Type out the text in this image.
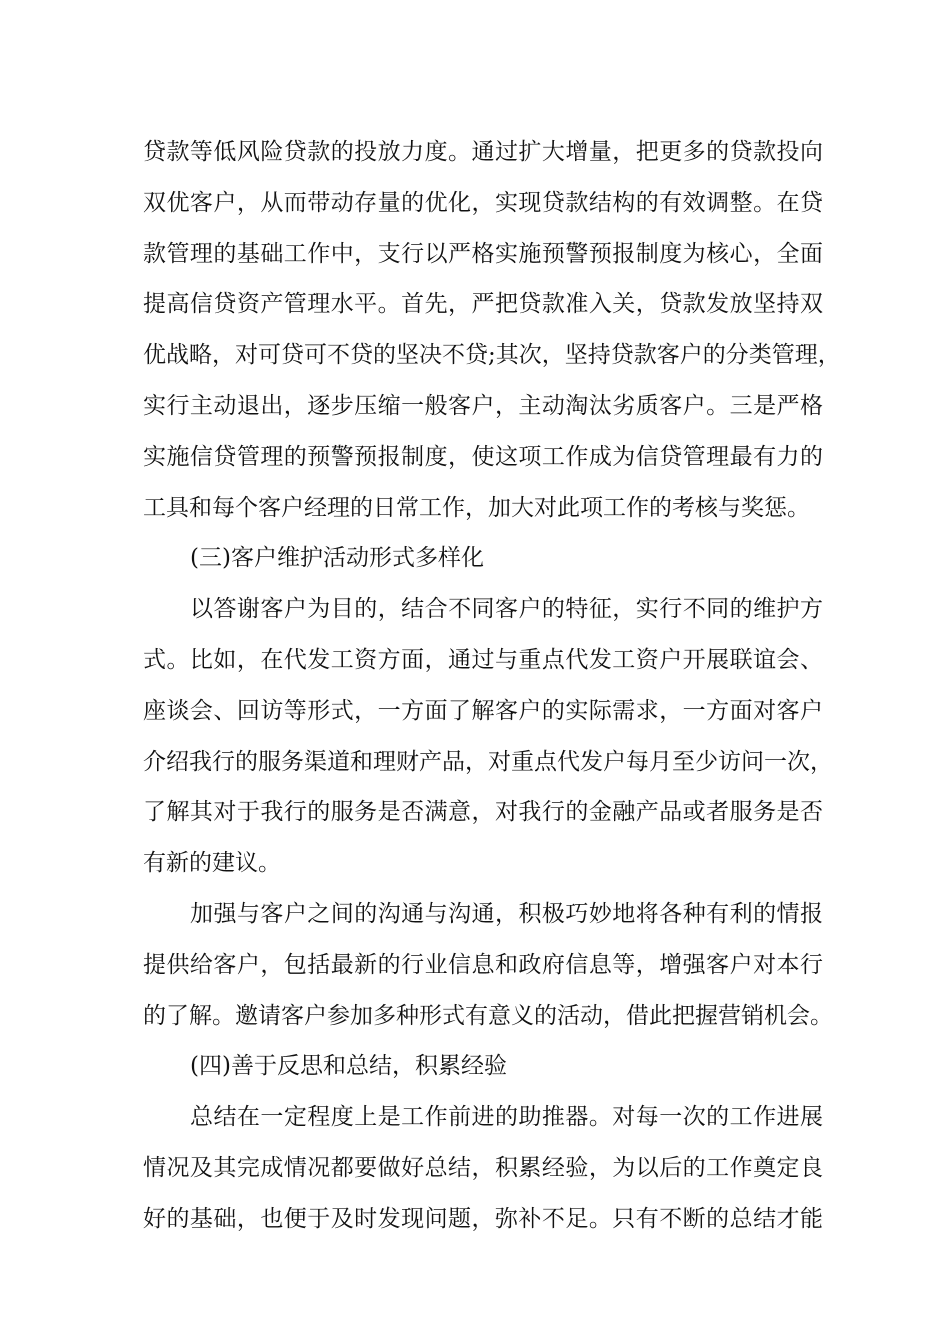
贷款等低风险贷款的投放力度。通过扩大增量，把更多的贷款投向
双优客户，从而带动存量的优化，实现贷款结构的有效调整。在贷
款管理的基础工作中，支行以严格实施预警预报制度为核心，全面
提高信贷资产管理水平。首先，严把贷款准入关，贷款发放坚持双
优战略，对可贷可不贷的坚决不贷;其次，坚持贷款客户的分类管理，
实行主动退出，逐步压缩一般客户，主动淘汰劣质客户。三是严格
实施信贷管理的预警预报制度，使这项工作成为信贷管理最有力的
工具和每个客户经理的日常工作，加大对此项工作的考核与奖惩。
(三)客户维护活动形式多样化
以答谢客户为目的，结合不同客户的特征，实行不同的维护方
式。比如，在代发工资方面，通过与重点代发工资户开展联谊会、
座谈会、回访等形式，一方面了解客户的实际需求，一方面对客户
介绍我行的服务渠道和理财产品，对重点代发户每月至少访问一次，
了解其对于我行的服务是否满意，对我行的金融产品或者服务是否
有新的建议。
加强与客户之间的沟通与沟通，积极巧妙地将各种有利的情报
提供给客户，包括最新的行业信息和政府信息等，增强客户对本行
的了解。邀请客户参加多种形式有意义的活动，借此把握营销机会。
(四)善于反思和总结，积累经验
总结在一定程度上是工作前进的助推器。对每一次的工作进展
情况及其完成情况都要做好总结，积累经验，为以后的工作奠定良
好的基础，也便于及时发现问题，弥补不足。只有不断的总结才能
